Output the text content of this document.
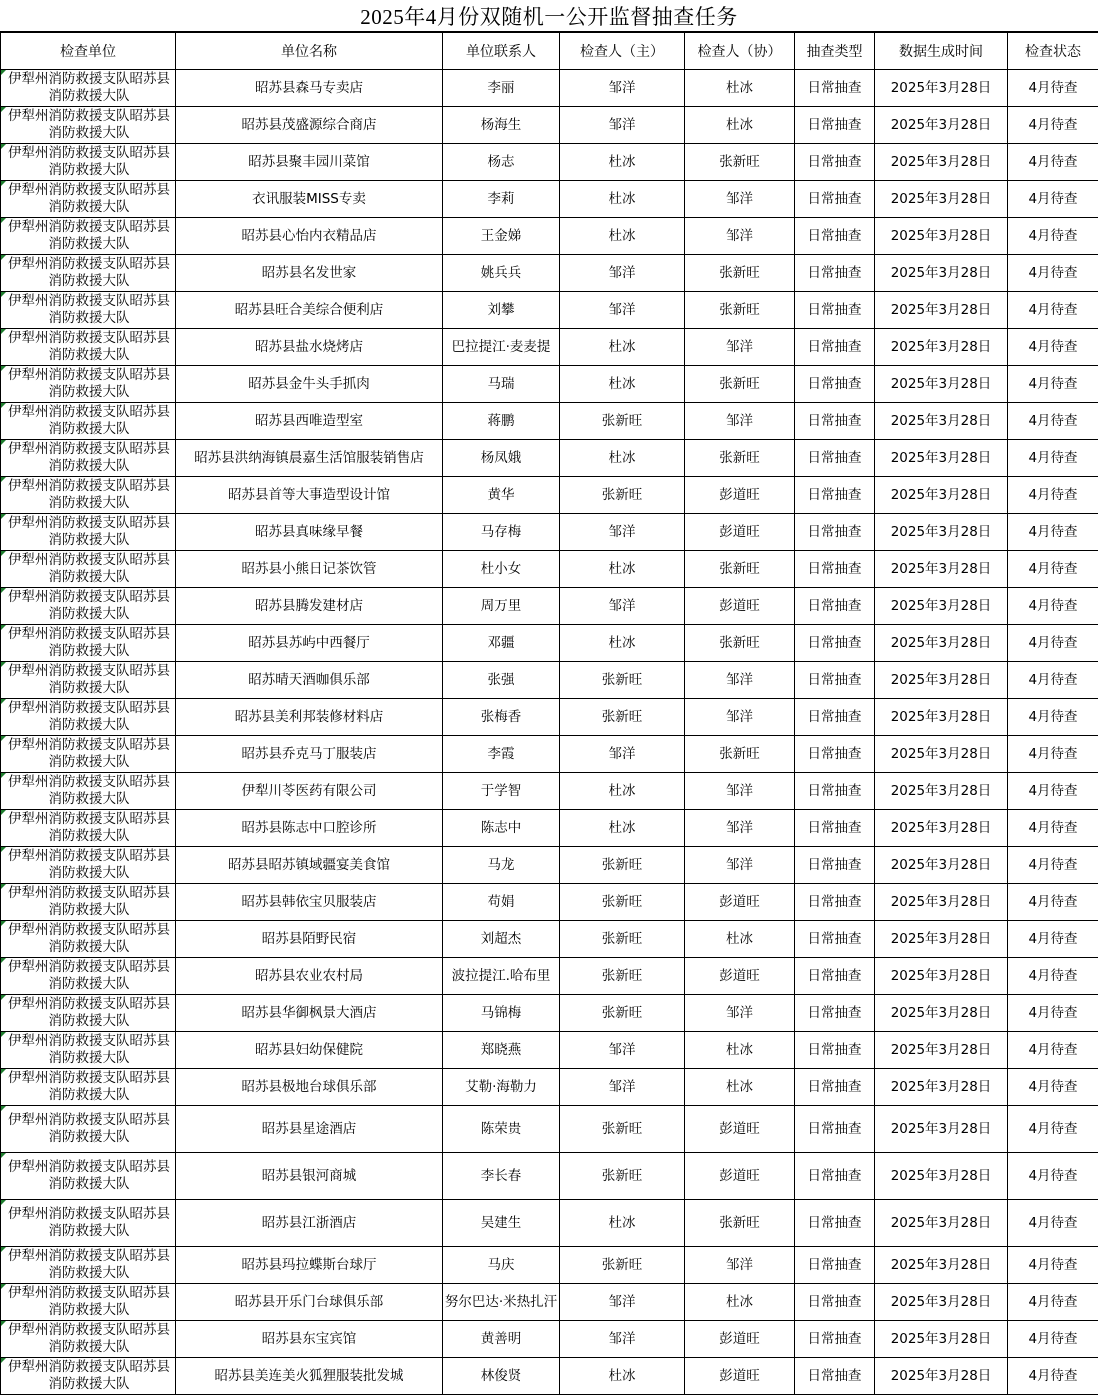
2025年4月份双随机一公开监督抽查任务
检查单位	单位名称	单位联系人	检查人（主）	检查人（协）	抽查类型	数据生成时间	检查状态
伊犁州消防救援支队昭苏县消防救援大队	昭苏县森马专卖店	李丽	邹洋	杜冰	日常抽查	2025年3月28日	4月待查
伊犁州消防救援支队昭苏县消防救援大队	昭苏县茂盛源综合商店	杨海生	邹洋	杜冰	日常抽查	2025年3月28日	4月待查
伊犁州消防救援支队昭苏县消防救援大队	昭苏县聚丰园川菜馆	杨志	杜冰	张新旺	日常抽查	2025年3月28日	4月待查
伊犁州消防救援支队昭苏县消防救援大队	衣讯服装MISS专卖	李莉	杜冰	邹洋	日常抽查	2025年3月28日	4月待查
伊犁州消防救援支队昭苏县消防救援大队	昭苏县心怡内衣精品店	王金娣	杜冰	邹洋	日常抽查	2025年3月28日	4月待查
伊犁州消防救援支队昭苏县消防救援大队	昭苏县名发世家	姚兵兵	邹洋	张新旺	日常抽查	2025年3月28日	4月待查
伊犁州消防救援支队昭苏县消防救援大队	昭苏县旺合美综合便利店	刘攀	邹洋	张新旺	日常抽查	2025年3月28日	4月待查
伊犁州消防救援支队昭苏县消防救援大队	昭苏县盐水烧烤店	巴拉提江·麦麦提	杜冰	邹洋	日常抽查	2025年3月28日	4月待查
伊犁州消防救援支队昭苏县消防救援大队	昭苏县金牛头手抓肉	马瑞	杜冰	张新旺	日常抽查	2025年3月28日	4月待查
伊犁州消防救援支队昭苏县消防救援大队	昭苏县西唯造型室	蒋鹏	张新旺	邹洋	日常抽查	2025年3月28日	4月待查
伊犁州消防救援支队昭苏县消防救援大队	昭苏县洪纳海镇晨嘉生活馆服装销售店	杨凤娥	杜冰	张新旺	日常抽查	2025年3月28日	4月待查
伊犁州消防救援支队昭苏县消防救援大队	昭苏县首等大事造型设计馆	黄华	张新旺	彭道旺	日常抽查	2025年3月28日	4月待查
伊犁州消防救援支队昭苏县消防救援大队	昭苏县真味缘早餐	马存梅	邹洋	彭道旺	日常抽查	2025年3月28日	4月待查
伊犁州消防救援支队昭苏县消防救援大队	昭苏县小熊日记茶饮管	杜小女	杜冰	张新旺	日常抽查	2025年3月28日	4月待查
伊犁州消防救援支队昭苏县消防救援大队	昭苏县腾发建材店	周万里	邹洋	彭道旺	日常抽查	2025年3月28日	4月待查
伊犁州消防救援支队昭苏县消防救援大队	昭苏县苏屿中西餐厅	邓疆	杜冰	张新旺	日常抽查	2025年3月28日	4月待查
伊犁州消防救援支队昭苏县消防救援大队	昭苏晴天酒咖俱乐部	张强	张新旺	邹洋	日常抽查	2025年3月28日	4月待查
伊犁州消防救援支队昭苏县消防救援大队	昭苏县美利邦装修材料店	张梅香	张新旺	邹洋	日常抽查	2025年3月28日	4月待查
伊犁州消防救援支队昭苏县消防救援大队	昭苏县乔克马丁服装店	李霞	邹洋	张新旺	日常抽查	2025年3月28日	4月待查
伊犁州消防救援支队昭苏县消防救援大队	伊犁川苓医药有限公司	于学智	杜冰	邹洋	日常抽查	2025年3月28日	4月待查
伊犁州消防救援支队昭苏县消防救援大队	昭苏县陈志中口腔诊所	陈志中	杜冰	邹洋	日常抽查	2025年3月28日	4月待查
伊犁州消防救援支队昭苏县消防救援大队	昭苏县昭苏镇域疆宴美食馆	马龙	张新旺	邹洋	日常抽查	2025年3月28日	4月待查
伊犁州消防救援支队昭苏县消防救援大队	昭苏县韩依宝贝服装店	苟娟	张新旺	彭道旺	日常抽查	2025年3月28日	4月待查
伊犁州消防救援支队昭苏县消防救援大队	昭苏县陌野民宿	刘超杰	张新旺	杜冰	日常抽查	2025年3月28日	4月待查
伊犁州消防救援支队昭苏县消防救援大队	昭苏县农业农村局	波拉提江.哈布里	张新旺	彭道旺	日常抽查	2025年3月28日	4月待查
伊犁州消防救援支队昭苏县消防救援大队	昭苏县华御枫景大酒店	马锦梅	张新旺	邹洋	日常抽查	2025年3月28日	4月待查
伊犁州消防救援支队昭苏县消防救援大队	昭苏县妇幼保健院	郑晓燕	邹洋	杜冰	日常抽查	2025年3月28日	4月待查
伊犁州消防救援支队昭苏县消防救援大队	昭苏县极地台球俱乐部	艾勒·海勒力	邹洋	杜冰	日常抽查	2025年3月28日	4月待查
伊犁州消防救援支队昭苏县消防救援大队	昭苏县星途酒店	陈荣贵	张新旺	彭道旺	日常抽查	2025年3月28日	4月待查
伊犁州消防救援支队昭苏县消防救援大队	昭苏县银河商城	李长春	张新旺	彭道旺	日常抽查	2025年3月28日	4月待查
伊犁州消防救援支队昭苏县消防救援大队	昭苏县江浙酒店	吴建生	杜冰	张新旺	日常抽查	2025年3月28日	4月待查
伊犁州消防救援支队昭苏县消防救援大队	昭苏县玛拉蝶斯台球厅	马庆	张新旺	邹洋	日常抽查	2025年3月28日	4月待查
伊犁州消防救援支队昭苏县消防救援大队	昭苏县开乐门台球俱乐部	努尔巴达·米热扎汗	邹洋	杜冰	日常抽查	2025年3月28日	4月待查
伊犁州消防救援支队昭苏县消防救援大队	昭苏县东宝宾馆	黄善明	邹洋	彭道旺	日常抽查	2025年3月28日	4月待查
伊犁州消防救援支队昭苏县消防救援大队	昭苏县美连美火狐狸服装批发城	林俊贤	杜冰	彭道旺	日常抽查	2025年3月28日	4月待查
